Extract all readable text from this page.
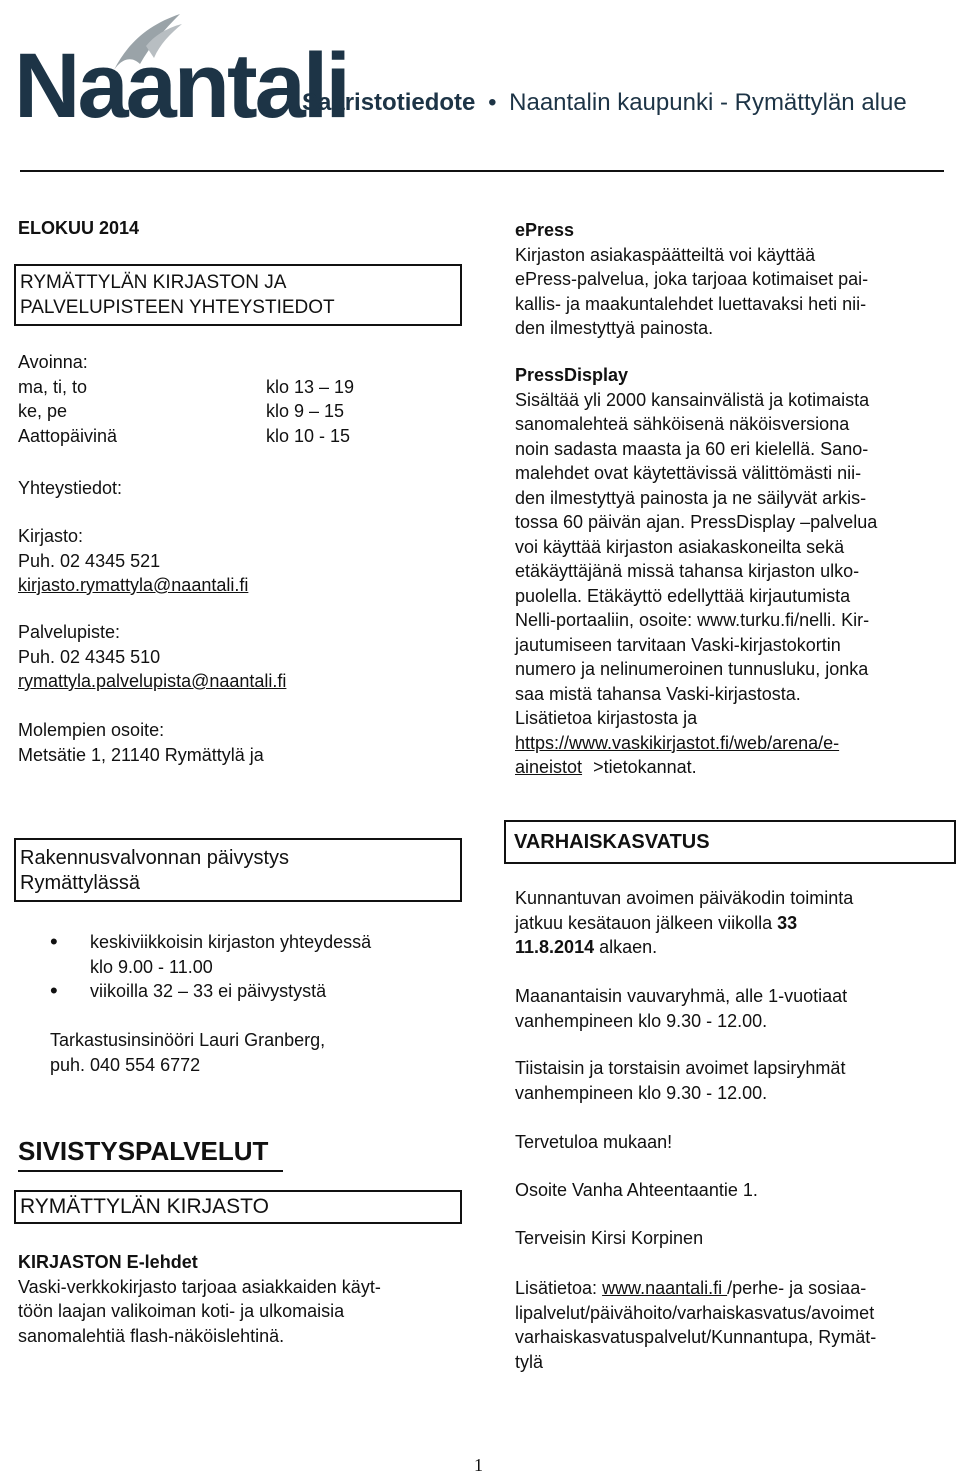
Naantali
Saaristotiedote • Naantalin kaupunki - Rymättylän alue
ELOKUU 2014
RYMÄTTYLÄN KIRJASTON JA
PALVELUPISTEEN YHTEYSTIEDOT
Avoinna:
ma, ti, to	klo 13 – 19
ke, pe	klo 9 – 15
Aattopäivinä	klo 10 - 15
Yhteystiedot:
Kirjasto:
Puh. 02 4345 521
kirjasto.rymattyla@naantali.fi
Palvelupiste:
Puh. 02 4345 510
rymattyla.palvelupista@naantali.fi
Molempien osoite:
Metsätie 1, 21140 Rymättylä ja
ePress
Kirjaston asiakaspäätteiltä voi käyttää
ePress-palvelua, joka tarjoaa kotimaiset pai-
kallis- ja maakuntalehdet luettavaksi heti nii-
den ilmestyttyä painosta.
PressDisplay
Sisältää yli 2000 kansainvälistä ja kotimaista
sanomalehteä sähköisenä näköisversiona
noin sadasta maasta ja 60 eri kielellä. Sano-
malehdet ovat käytettävissä välittömästi nii-
den ilmestyttyä painosta ja ne säilyvät arkis-
tossa 60 päivän ajan. PressDisplay –palvelua
voi käyttää kirjaston asiakaskoneilta sekä
etäkäyttäjänä missä tahansa kirjaston ulko-
puolella. Etäkäyttö edellyttää kirjautumista
Nelli-portaaliin, osoite: www.turku.fi/nelli. Kir-
jautumiseen tarvitaan Vaski-kirjastokortin
numero ja nelinumeroinen tunnusluku, jonka
saa mistä tahansa Vaski-kirjastosta.
Lisätietoa kirjastosta ja
https://www.vaskikirjastot.fi/web/arena/e-
aineistot >tietokannat.
Rakennusvalvonnan päivystys
Rymättylässä
• keskiviikkoisin kirjaston yhteydessä
klo 9.00 - 11.00
• viikoilla 32 – 33 ei päivystystä
Tarkastusinsinööri Lauri Granberg,
puh. 040 554 6772
SIVISTYSPALVELUT
RYMÄTTYLÄN KIRJASTO
KIRJASTON E-lehdet
Vaski-verkkokirjasto tarjoaa asiakkaiden käyt-
töön laajan valikoiman koti- ja ulkomaisia
sanomalehtiä flash-näköislehtinä.
VARHAISKASVATUS
Kunnantuvan avoimen päiväkodin toiminta
jatkuu kesätauon jälkeen viikolla 33
11.8.2014 alkaen.
Maanantaisin vauvaryhmä, alle 1-vuotiaat
vanhempineen klo 9.30 - 12.00.
Tiistaisin ja torstaisin avoimet lapsiryhmät
vanhempineen klo 9.30 - 12.00.
Tervetuloa mukaan!
Osoite Vanha Ahteentaantie 1.
Terveisin Kirsi Korpinen
Lisätietoa: www.naantali.fi /perhe- ja sosiaa-
lipalvelut/päivähoito/varhaiskasvatus/avoimet
varhaiskasvatuspalvelut/Kunnantupa, Rymät-
tylä
1
